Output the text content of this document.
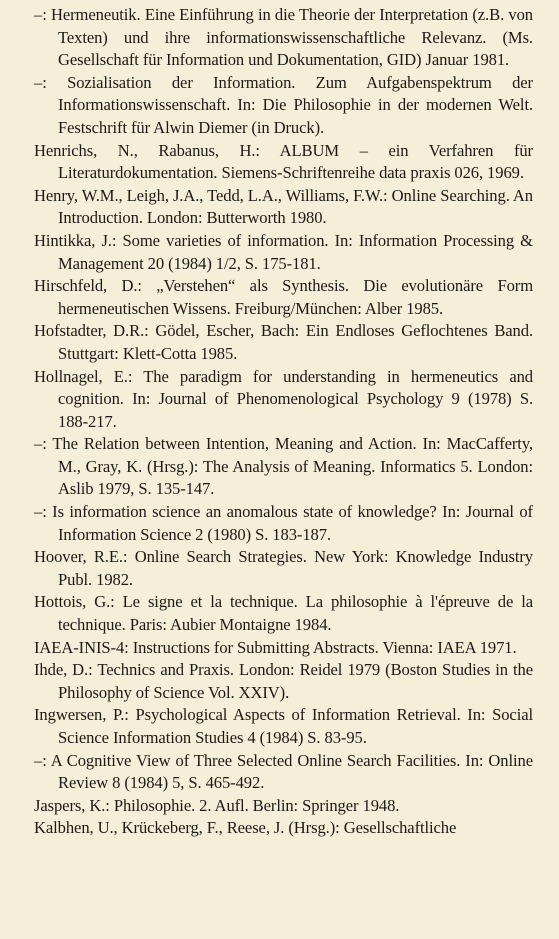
–: Hermeneutik. Eine Einführung in die Theorie der Interpretation (z.B. von Texten) und ihre informationswissenschaftliche Relevanz. (Ms. Gesellschaft für Information und Dokumentation, GID) Januar 1981.

–: Sozialisation der Information. Zum Aufgabenspektrum der Informationswissenschaft. In: Die Philosophie in der modernen Welt. Festschrift für Alwin Diemer (in Druck).

Henrichs, N., Rabanus, H.: ALBUM – ein Verfahren für Literaturdokumentation. Siemens-Schriftenreihe data praxis 026, 1969.

Henry, W.M., Leigh, J.A., Tedd, L.A., Williams, F.W.: Online Searching. An Introduction. London: Butterworth 1980.

Hintikka, J.: Some varieties of information. In: Information Processing & Management 20 (1984) 1/2, S. 175-181.

Hirschfeld, D.: „Verstehen“ als Synthesis. Die evolutionäre Form hermeneutischen Wissens. Freiburg/München: Alber 1985.

Hofstadter, D.R.: Gödel, Escher, Bach: Ein Endloses Geflochtenes Band. Stuttgart: Klett-Cotta 1985.

Hollnagel, E.: The paradigm for understanding in hermeneutics and cognition. In: Journal of Phenomenological Psychology 9 (1978) S. 188-217.

–: The Relation between Intention, Meaning and Action. In: MacCafferty, M., Gray, K. (Hrsg.): The Analysis of Meaning. Informatics 5. London: Aslib 1979, S. 135-147.

–: Is information science an anomalous state of knowledge? In: Journal of Information Science 2 (1980) S. 183-187.

Hoover, R.E.: Online Search Strategies. New York: Knowledge Industry Publ. 1982.

Hottois, G.: Le signe et la technique. La philosophie à l'épreuve de la technique. Paris: Aubier Montaigne 1984.

IAEA-INIS-4: Instructions for Submitting Abstracts. Vienna: IAEA 1971.

Ihde, D.: Technics and Praxis. London: Reidel 1979 (Boston Studies in the Philosophy of Science Vol. XXIV).

Ingwersen, P.: Psychological Aspects of Information Retrieval. In: Social Science Information Studies 4 (1984) S. 83-95.

–: A Cognitive View of Three Selected Online Search Facilities. In: Online Review 8 (1984) 5, S. 465-492.

Jaspers, K.: Philosophie. 2. Aufl. Berlin: Springer 1948.

Kalbhen, U., Krückeberg, F., Reese, J. (Hrsg.): Gesellschaftliche
